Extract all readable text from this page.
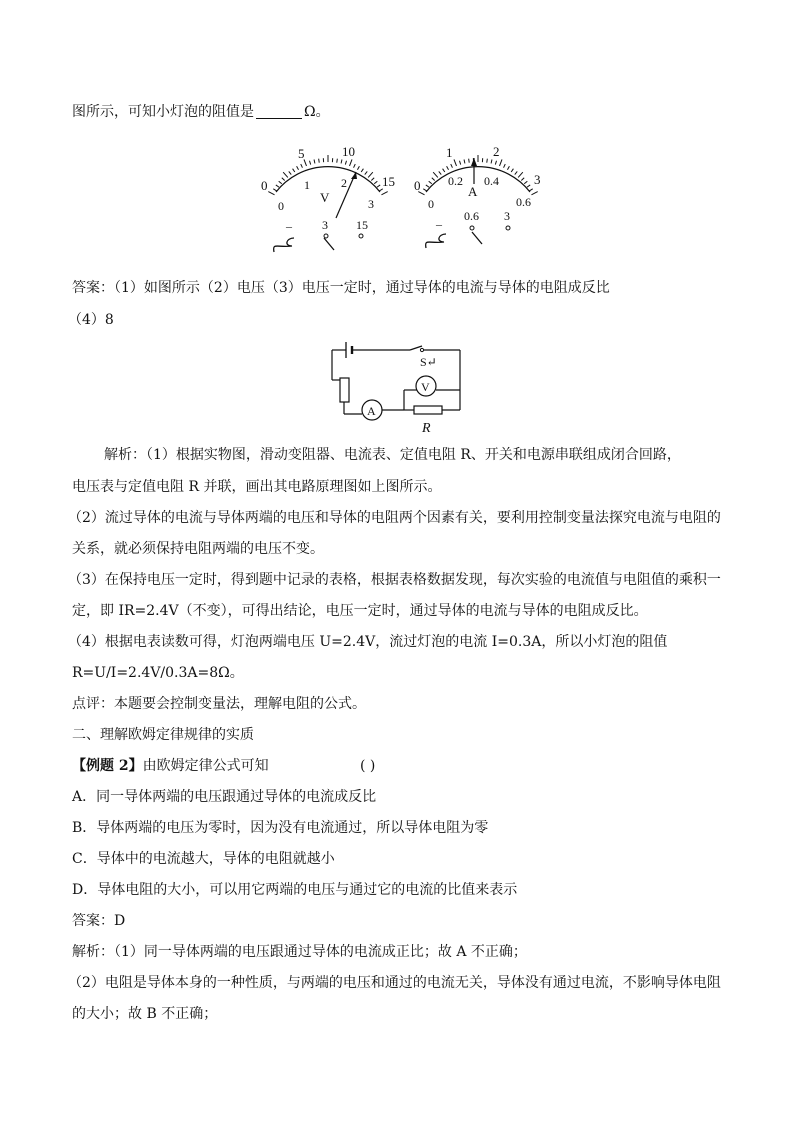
图所示，可知小灯泡的阻值是	Ω。
0
5	10
15
0
1	2
3
V
–	3 15
0
1	2
3
0
0.2 0.4
0.6
A
–
0.6 3
答案：（1）如图所示（2）电压（3）电压一定时，通过导体的电流与导体的电阻成反比
（4）8
S↵
A
V
R
解析：（1）根据实物图，滑动变阻器、电流表、定值电阻 R、开关和电源串联组成闭合回路，
电压表与定值电阻 R 并联，画出其电路原理图如上图所示。
（2）流过导体的电流与导体两端的电压和导体的电阻两个因素有关，要利用控制变量法探究电流与电阻的
关系，就必须保持电阻两端的电压不变。
（3）在保持电压一定时，得到题中记录的表格，根据表格数据发现，每次实验的电流值与电阻值的乘积一
定，即 IR=2.4V（不变），可得出结论，电压一定时，通过导体的电流与导体的电阻成反比。
（4）根据电表读数可得，灯泡两端电压 U=2.4V，流过灯泡的电流 I=0.3A，所以小灯泡的阻值
R=U/I=2.4V/0.3A=8Ω。
点评：本题要会控制变量法，理解电阻的公式。
二、理解欧姆定律规律的实质
【例题 2】由欧姆定律公式可知	( )
A．同一导体两端的电压跟通过导体的电流成反比
B．导体两端的电压为零时，因为没有电流通过，所以导体电阻为零
C．导体中的电流越大，导体的电阻就越小
D．导体电阻的大小，可以用它两端的电压与通过它的电流的比值来表示
答案：D
解析：（1）同一导体两端的电压跟通过导体的电流成正比；故 A 不正确；
（2）电阻是导体本身的一种性质，与两端的电压和通过的电流无关，导体没有通过电流，不影响导体电阻
的大小；故 B 不正确；
